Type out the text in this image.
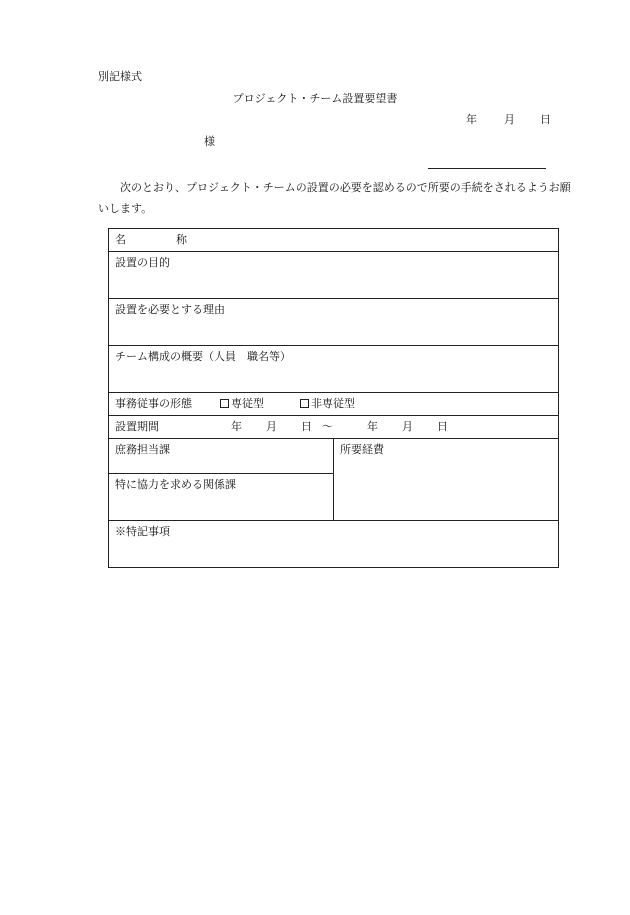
別記様式
プロジェクト・チーム設置要望書
年 月 日
様
次のとおり、プロジェクト・チームの設置の必要を認めるので所要の手続をされるようお願いします。
名	称
設置の目的
設置を必要とする理由
チーム構成の概要（人員　職名等）
事務従事の形態	専従型	非専従型
設置期間	年 月 日 ～	年 月 日
庶務担当課	所要経費
特に協力を求める関係課
※特記事項
